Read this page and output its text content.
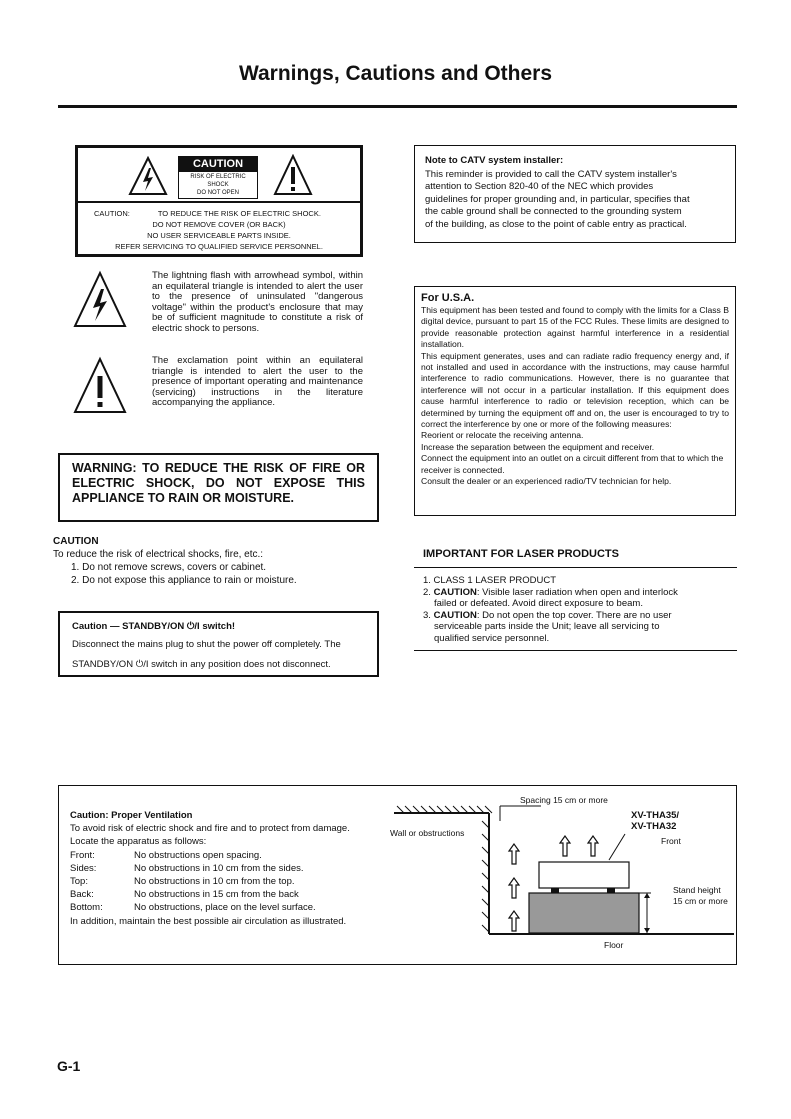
Warnings, Cautions and Others
CAUTION
RISK OF ELECTRIC SHOCK
DO NOT OPEN
CAUTION:	TO REDUCE THE RISK OF ELECTRIC SHOCK.
DO NOT REMOVE COVER (OR BACK)
NO USER SERVICEABLE PARTS INSIDE.
REFER SERVICING TO QUALIFIED SERVICE PERSONNEL.
The lightning flash with arrowhead symbol, within an equilateral triangle is intended to alert the user to the presence of uninsulated "dangerous voltage" within the product's enclosure that may be of sufficient magnitude to constitute a risk of electric shock to persons.
The exclamation point within an equilateral triangle is intended to alert the user to the presence of important operating and maintenance (servicing) instructions in the literature accompanying the appliance.
WARNING: TO REDUCE THE RISK OF FIRE OR ELECTRIC SHOCK, DO NOT EXPOSE THIS APPLIANCE TO RAIN OR MOISTURE.
CAUTION
To reduce the risk of electrical shocks, fire, etc.:
1. Do not remove screws, covers or cabinet.
2. Do not expose this appliance to rain or moisture.
Caution — STANDBY/ON ⏻/I switch!
Disconnect the mains plug to shut the power off completely. The
STANDBY/ON ⏻/I switch in any position does not disconnect.
Note to CATV system installer:
This reminder is provided to call the CATV system installer's
attention to Section 820-40 of the NEC which provides
guidelines for proper grounding and, in particular, specifies that
the cable ground shall be connected to the grounding system
of the building, as close to the point of cable entry as practical.
For U.S.A.
This equipment has been tested and found to comply with the limits for a Class B digital device, pursuant to part 15 of the FCC Rules. These limits are designed to provide reasonable protection against harmful interference in a residential installation.
This equipment generates, uses and can radiate radio frequency energy and, if not installed and used in accordance with the instructions, may cause harmful interference to radio communications. However, there is no guarantee that interference will not occur in a particular installation. If this equipment does cause harmful interference to radio or television reception, which can be determined by turning the equipment off and on, the user is encouraged to try to correct the interference by one or more of the following measures:
Reorient or relocate the receiving antenna.
Increase the separation between the equipment and receiver.
Connect the equipment into an outlet on a circuit different from that to which the receiver is connected.
Consult the dealer or an experienced radio/TV technician for help.
IMPORTANT FOR LASER PRODUCTS
1. CLASS 1 LASER PRODUCT
2. CAUTION: Visible laser radiation when open and interlock
failed or defeated. Avoid direct exposure to beam.
3. CAUTION: Do not open the top cover. There are no user
serviceable parts inside the Unit; leave all servicing to
qualified service personnel.
Caution: Proper Ventilation
To avoid risk of electric shock and fire and to protect from damage.
Locate the apparatus as follows:
Front:	No obstructions open spacing.
Sides:	No obstructions in 10 cm from the sides.
Top:	No obstructions in 10 cm from the top.
Back:	No obstructions in 15 cm from the back
Bottom:	No obstructions, place on the level surface.
In addition, maintain the best possible air circulation as illustrated.
Spacing 15 cm or more
Wall or obstructions
XV-THA35/
XV-THA32
Front
Stand height
15 cm or more
Floor
G-1
